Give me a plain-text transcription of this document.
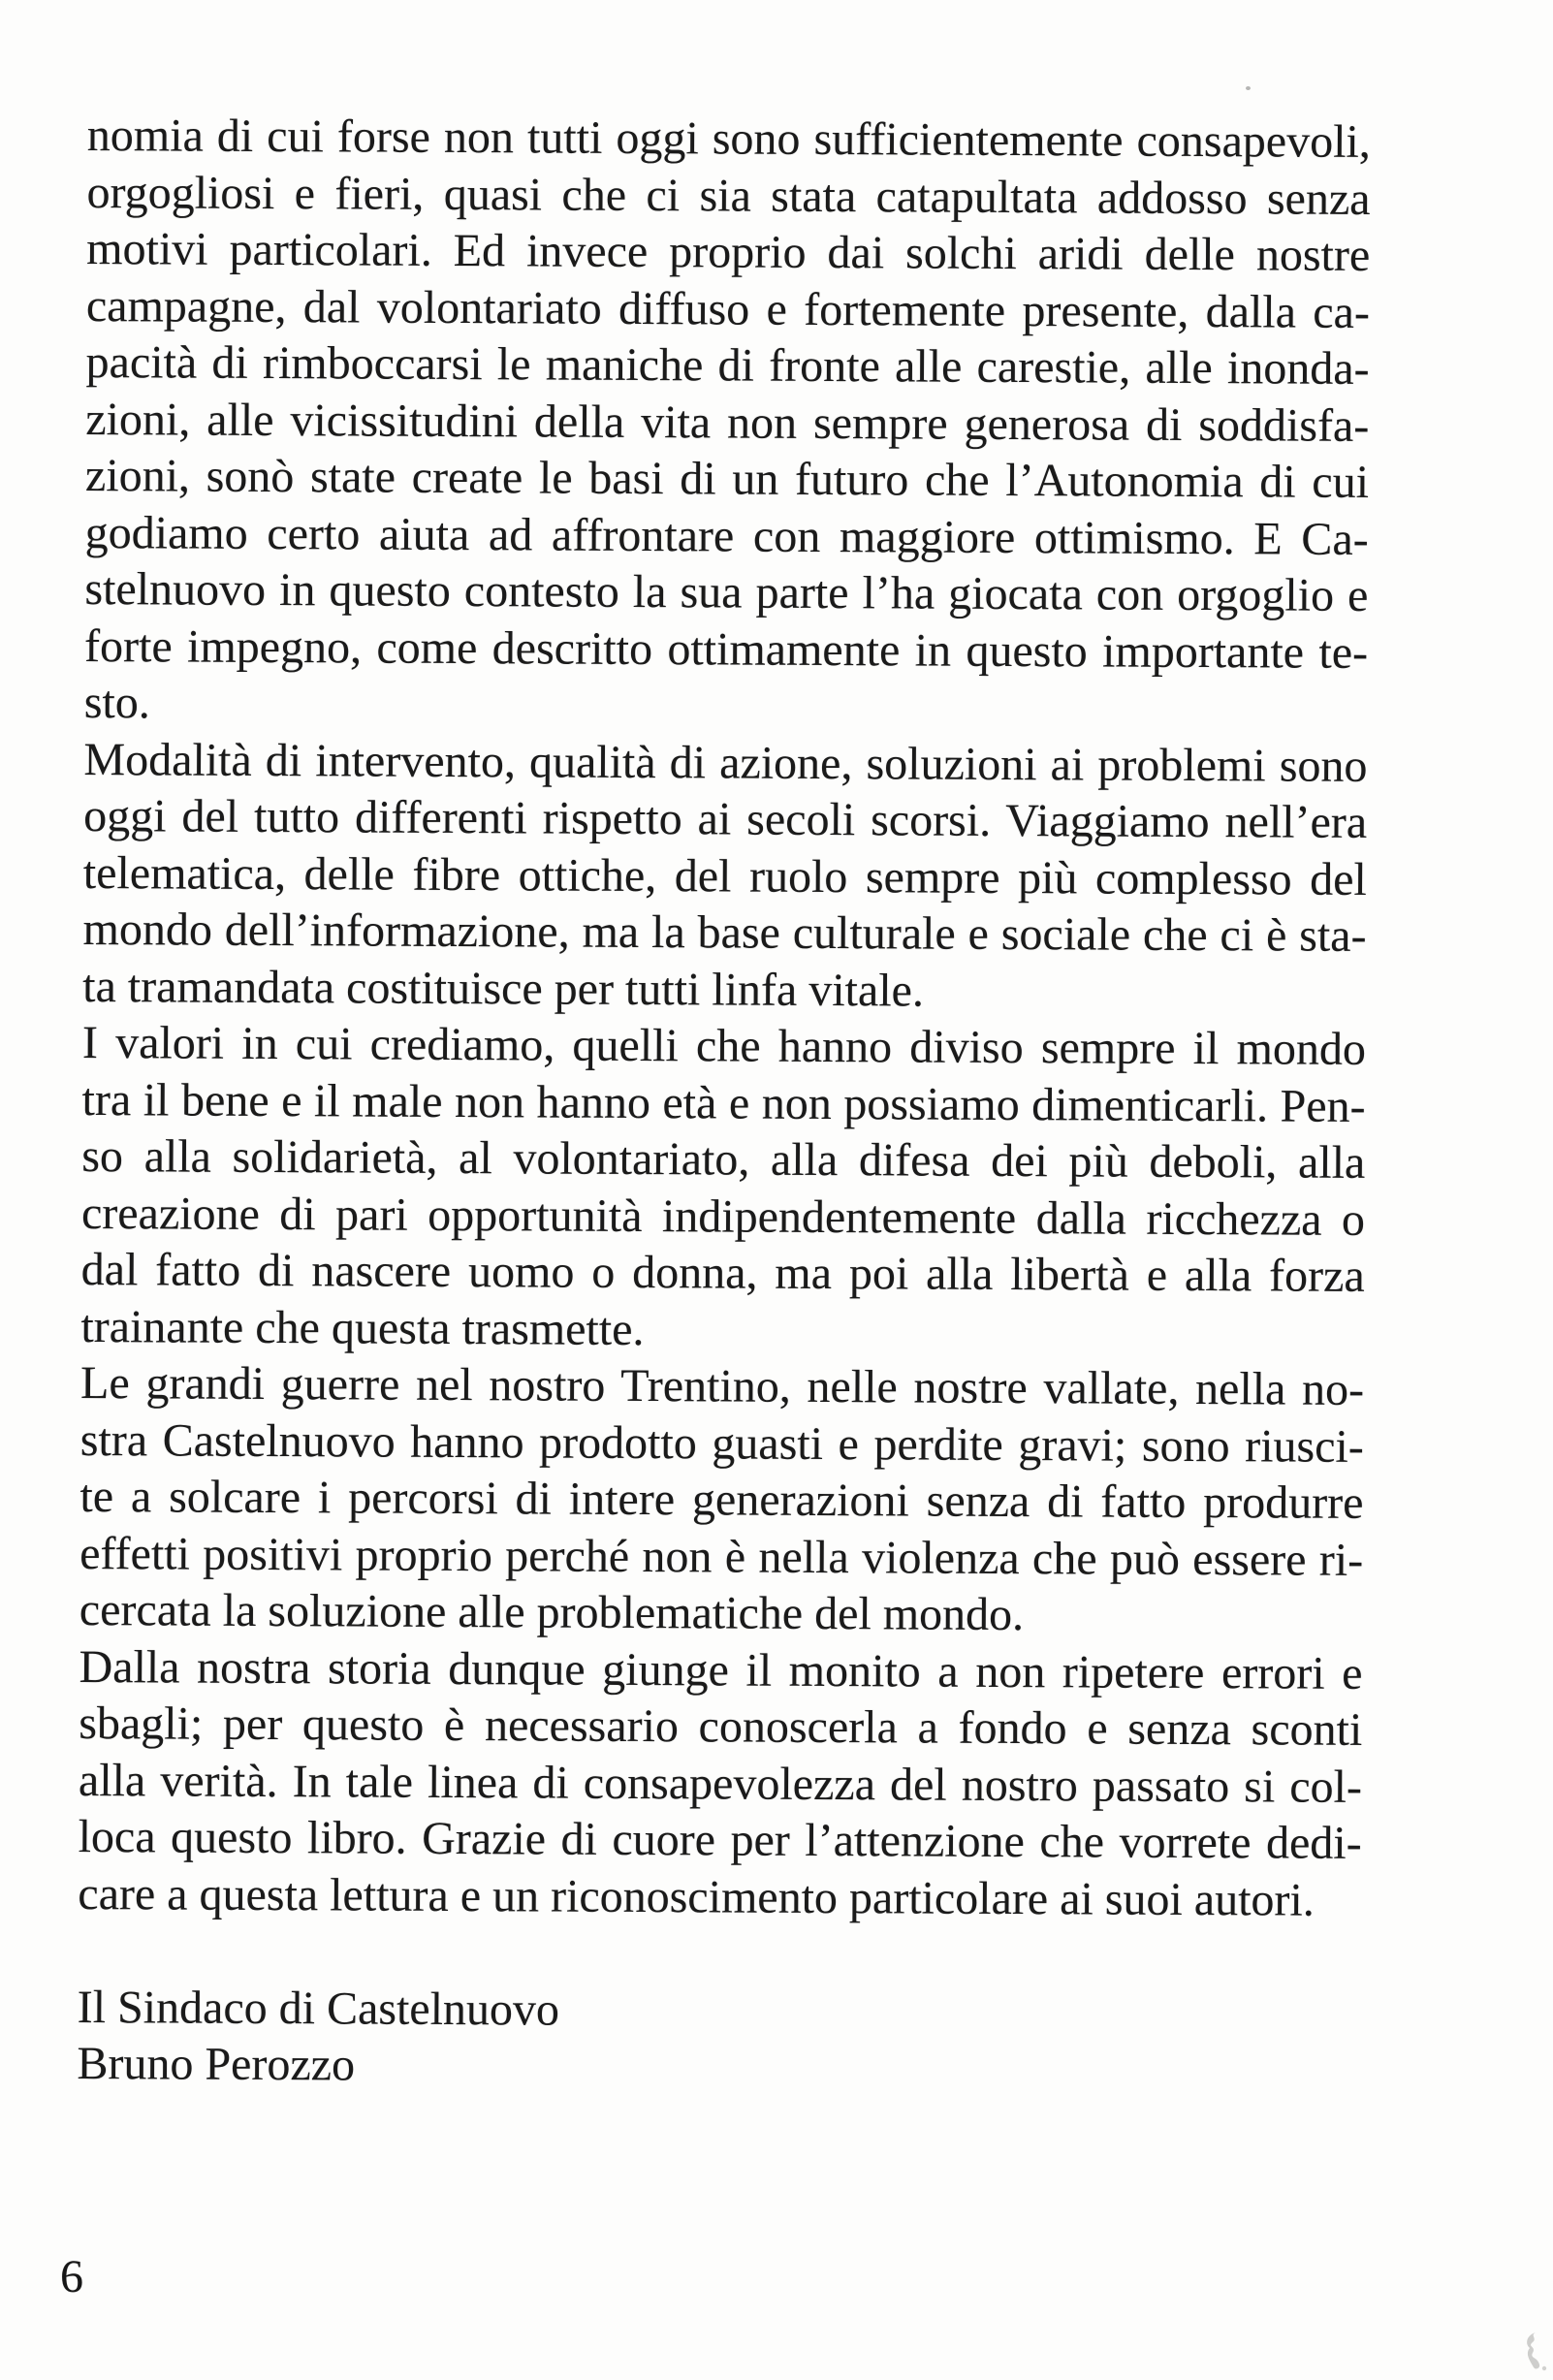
nomia di cui forse non tutti oggi sono sufficientemente consapevoli,
orgogliosi e fieri, quasi che ci sia stata catapultata addosso senza
motivi particolari. Ed invece proprio dai solchi aridi delle nostre
campagne, dal volontariato diffuso e fortemente presente, dalla ca-
pacità di rimboccarsi le maniche di fronte alle carestie, alle inonda-
zioni, alle vicissitudini della vita non sempre generosa di soddisfa-
zioni, sonò state create le basi di un futuro che l’Autonomia di cui
godiamo certo aiuta ad affrontare con maggiore ottimismo. E Ca-
stelnuovo in questo contesto la sua parte l’ha giocata con orgoglio e
forte impegno, come descritto ottimamente in questo importante te-
sto.
Modalità di intervento, qualità di azione, soluzioni ai problemi sono
oggi del tutto differenti rispetto ai secoli scorsi. Viaggiamo nell’era
telematica, delle fibre ottiche, del ruolo sempre più complesso del
mondo dell’informazione, ma la base culturale e sociale che ci è sta-
ta tramandata costituisce per tutti linfa vitale.
I valori in cui crediamo, quelli che hanno diviso sempre il mondo
tra il bene e il male non hanno età e non possiamo dimenticarli. Pen-
so alla solidarietà, al volontariato, alla difesa dei più deboli, alla
creazione di pari opportunità indipendentemente dalla ricchezza o
dal fatto di nascere uomo o donna, ma poi alla libertà e alla forza
trainante che questa trasmette.
Le grandi guerre nel nostro Trentino, nelle nostre vallate, nella no-
stra Castelnuovo hanno prodotto guasti e perdite gravi; sono riusci-
te a solcare i percorsi di intere generazioni senza di fatto produrre
effetti positivi proprio perché non è nella violenza che può essere ri-
cercata la soluzione alle problematiche del mondo.
Dalla nostra storia dunque giunge il monito a non ripetere errori e
sbagli; per questo è necessario conoscerla a fondo e senza sconti
alla verità. In tale linea di consapevolezza del nostro passato si col-
loca questo libro. Grazie di cuore per l’attenzione che vorrete dedi-
care a questa lettura e un riconoscimento particolare ai suoi autori.
Il Sindaco di Castelnuovo
Bruno Perozzo
6
